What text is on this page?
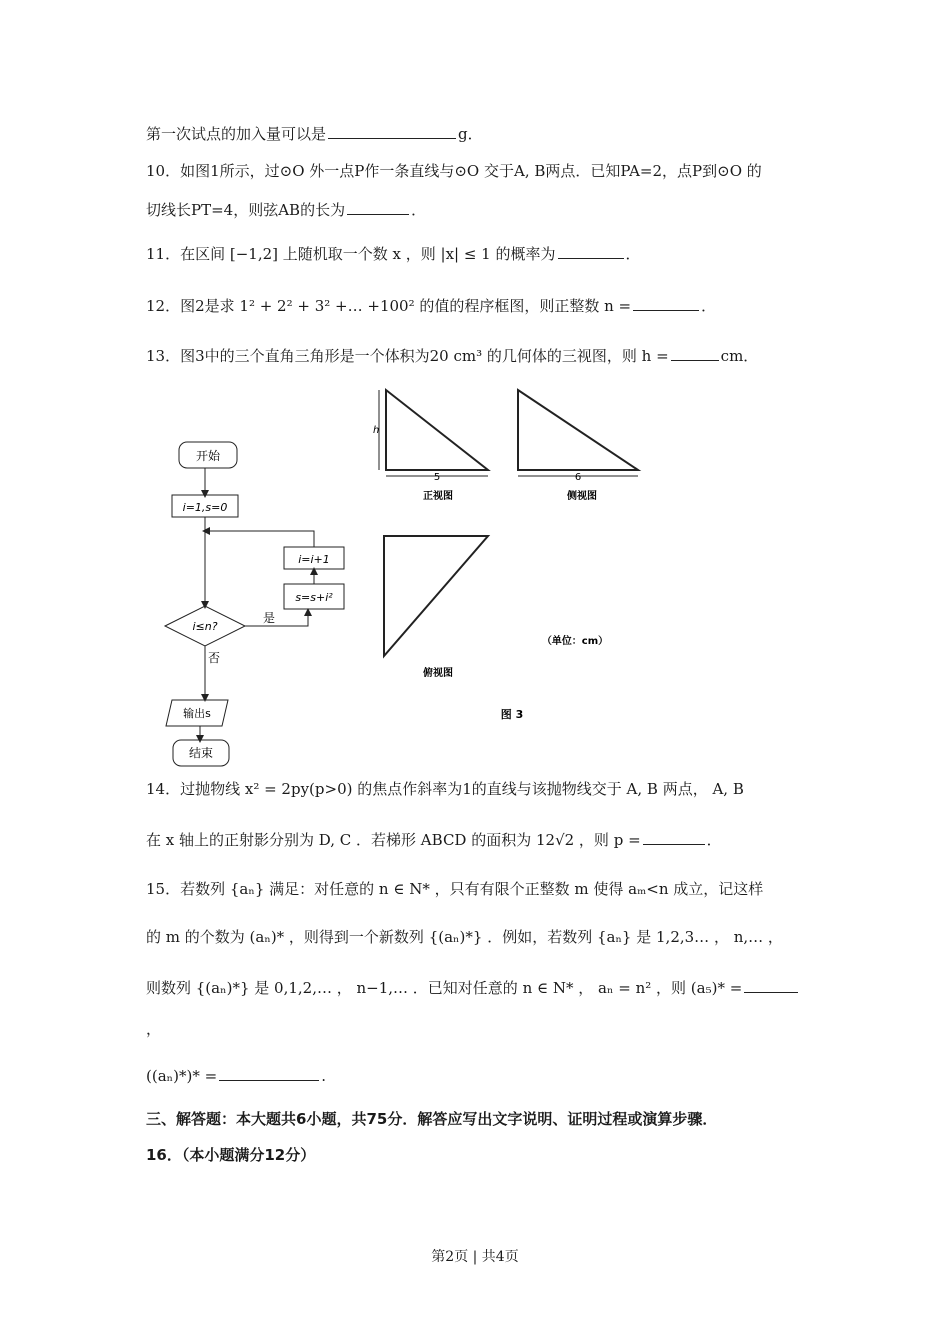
第一次试点的加入量可以是	g．
10．如图1所示，过⊙O 外一点P作一条直线与⊙O 交于A, B两点．已知PA=2，点P到⊙O 的
切线长PT=4，则弦AB的长为	．
11．在区间 [−1,2] 上随机取一个数 x ，则 |x| ≤ 1 的概率为	．
12．图2是求 1² + 2² + 3² +… +100² 的值的程序框图，则正整数 n =	．
13．图3中的三个直角三角形是一个体积为20 cm³ 的几何体的三视图，则 h =	cm．
开始
i=1,s=0
i=i+1
s=s+i²
i≤n?
是
否
输出s
结束
h
5	6
正视图	侧视图
俯视图
（单位：cm）
图 3
14．过抛物线 x² = 2py(p>0) 的焦点作斜率为1的直线与该抛物线交于 A, B 两点， A, B
在 x 轴上的正射影分别为 D, C ．若梯形 ABCD 的面积为 12√2 ，则 p =	．
15．若数列 {aₙ} 满足：对任意的 n ∈ N* ，只有有限个正整数 m 使得 aₘ<n 成立，记这样
的 m 的个数为 (aₙ)* ，则得到一个新数列 {(aₙ)*} ．例如，若数列 {aₙ} 是 1,2,3… ， n,… ，
则数列 {(aₙ)*} 是 0,1,2,… ， n−1,… ．已知对任意的 n ∈ N* ， aₙ = n² ，则 (a₅)* =
，
((aₙ)*)* =	.
三、解答题：本大题共6小题，共75分．解答应写出文字说明、证明过程或演算步骤．
16．（本小题满分12分）
第2页 | 共4页
